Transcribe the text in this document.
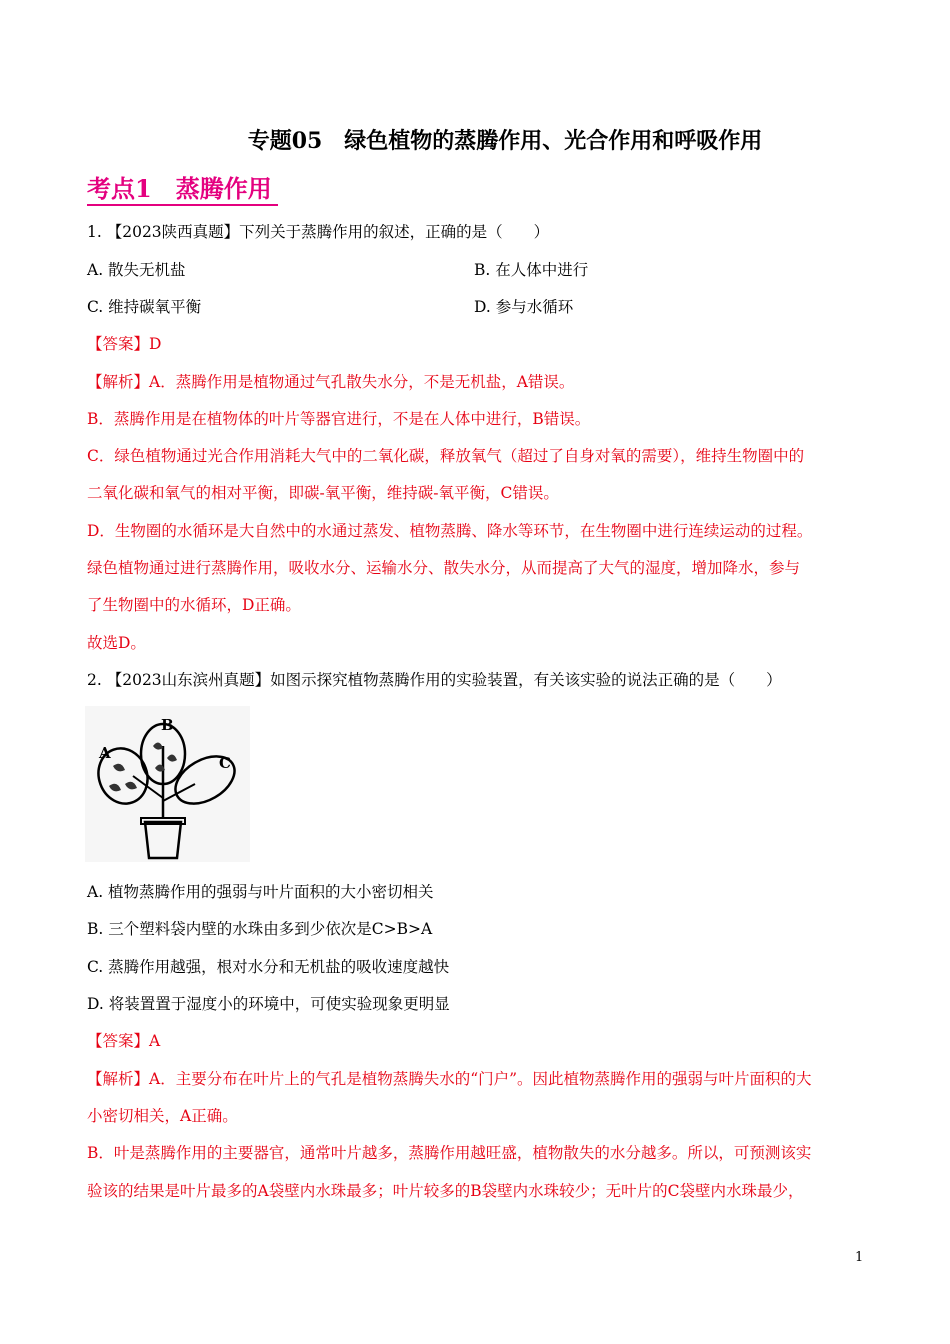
专题05　绿色植物的蒸腾作用、光合作用和呼吸作用
考点1　蒸腾作用
1. 【2023陕西真题】下列关于蒸腾作用的叙述，正确的是（　　）
A. 散失无机盐	B. 在人体中进行
C. 维持碳氧平衡	D. 参与水循环
【答案】D
【解析】A．蒸腾作用是植物通过气孔散失水分，不是无机盐，A错误。
B．蒸腾作用是在植物体的叶片等器官进行，不是在人体中进行，B错误。
C．绿色植物通过光合作用消耗大气中的二氧化碳，释放氧气（超过了自身对氧的需要），维持生物圈中的
二氧化碳和氧气的相对平衡，即碳-氧平衡，维持碳-氧平衡，C错误。
D．生物圈的水循环是大自然中的水通过蒸发、植物蒸腾、降水等环节，在生物圈中进行连续运动的过程。
绿色植物通过进行蒸腾作用，吸收水分、运输水分、散失水分，从而提高了大气的湿度，增加降水，参与
了生物圈中的水循环，D正确。
故选D。
2. 【2023山东滨州真题】如图示探究植物蒸腾作用的实验装置，有关该实验的说法正确的是（　　）
A
B
C
A. 植物蒸腾作用的强弱与叶片面积的大小密切相关
B. 三个塑料袋内壁的水珠由多到少依次是C>B>A
C. 蒸腾作用越强，根对水分和无机盐的吸收速度越快
D. 将装置置于湿度小的环境中，可使实验现象更明显
【答案】A
【解析】A．主要分布在叶片上的气孔是植物蒸腾失水的“门户”。因此植物蒸腾作用的强弱与叶片面积的大
小密切相关，A正确。
B．叶是蒸腾作用的主要器官，通常叶片越多，蒸腾作用越旺盛，植物散失的水分越多。所以，可预测该实
验该的结果是叶片最多的A袋壁内水珠最多；叶片较多的B袋壁内水珠较少；无叶片的C袋壁内水珠最少，
1
